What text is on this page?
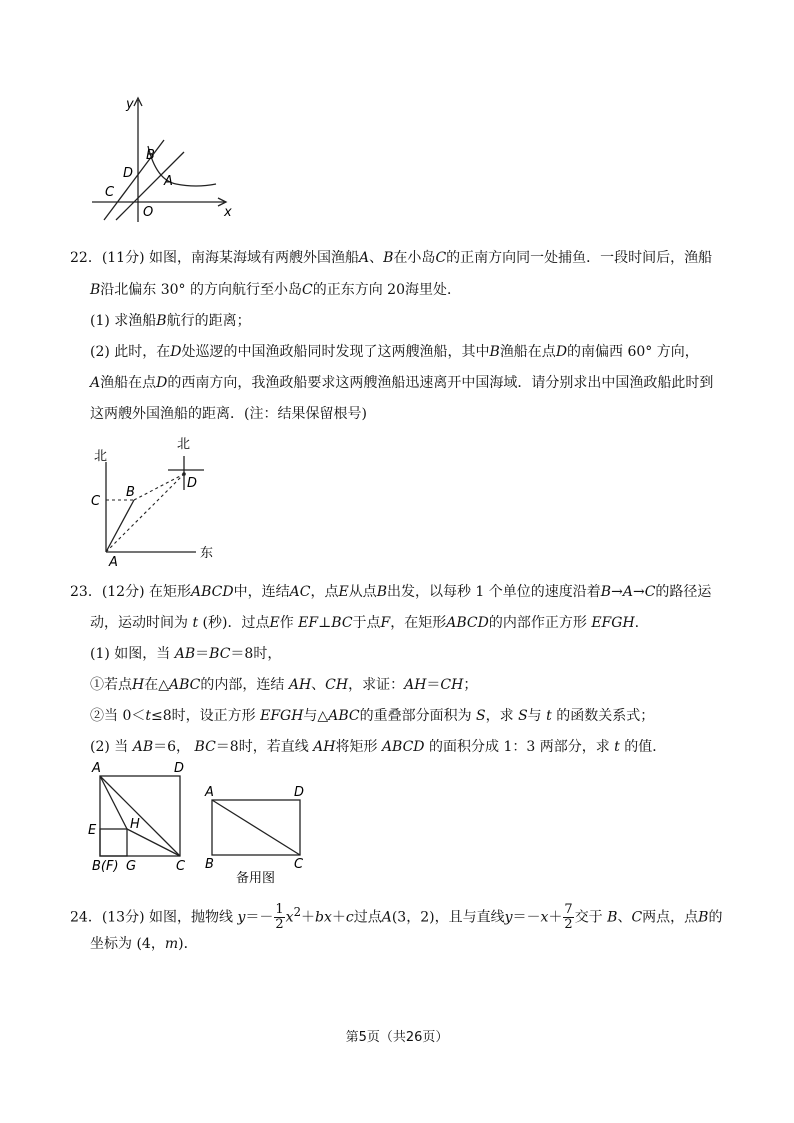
y
x
B
D
A
C
O
22．(11分) 如图，南海某海域有两艘外国渔船A、B在小岛C的正南方向同一处捕鱼．一段时间后，渔船
B沿北偏东 30° 的方向航行至小岛C的正东方向 20海里处．
(1) 求渔船B航行的距离；
(2) 此时，在D处巡逻的中国渔政船同时发现了这两艘渔船，其中B渔船在点D的南偏西 60° 方向，
A渔船在点D的西南方向，我渔政船要求这两艘渔船迅速离开中国海域．请分别求出中国渔政船此时到
这两艘外国渔船的距离．(注：结果保留根号)
北
北
东
C
B
D
A
23．(12分) 在矩形ABCD中，连结AC，点E从点B出发，以每秒 1 个单位的速度沿着B→A→C的路径运
动，运动时间为 t (秒)．过点E作 EF⊥BC于点F，在矩形ABCD的内部作正方形 EFGH.
(1) 如图，当 AB＝BC＝8时，
①若点H在△ABC的内部，连结 AH、CH，求证：AH＝CH；
②当 0＜t≤8时，设正方形 EFGH与△ABC的重叠部分面积为 S，求 S与 t 的函数关系式；
(2) 当 AB＝6， BC＝8时，若直线 AH将矩形 ABCD 的面积分成 1：3 两部分，求 t 的值．
A	D
E	H
B(F) G	C
A	D
B	C
备用图
24．(13分) 如图，抛物线 $y=- \frac{1}{2} x^2+bx+c$过点A(3，2)，且与直线$y=-x+ \frac{7}{2}$ 交于 B、C两点，点B的
坐标为 (4，m)．
第5页（共26页）
